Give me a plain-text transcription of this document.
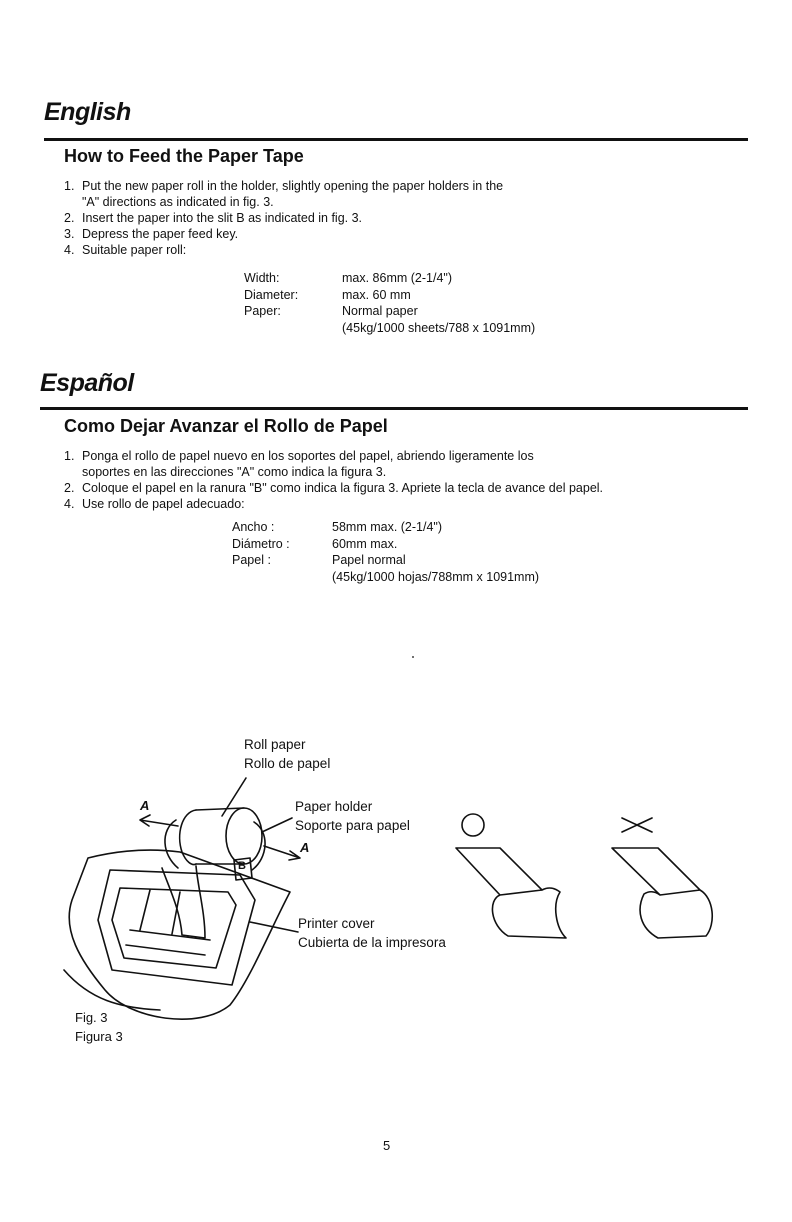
English
How to Feed the Paper Tape
1. Put the new paper roll in the holder, slightly opening the paper holders in the
"A" directions as indicated in fig. 3.
2. Insert the paper into the slit B as indicated in fig. 3.
3. Depress the paper feed key.
4. Suitable paper roll:
Width:	max. 86mm (2-1/4")
Diameter:	max. 60 mm
Paper:	Normal paper
(45kg/1000 sheets/788 x 1091mm)
Español
Como Dejar Avanzar el Rollo de Papel
1. Ponga el rollo de papel nuevo en los soportes del papel, abriendo ligeramente los
soportes en las direcciones "A" como indica la figura 3.
2. Coloque el papel en la ranura "B" como indica la figura 3. Apriete la tecla de avance del papel.
4. Use rollo de papel adecuado:
Ancho :	58mm max. (2-1/4")
Diámetro :	60mm max.
Papel :	Papel normal
(45kg/1000 hojas/788mm x 1091mm)
Roll paper
Rollo de papel
Paper holder
Soporte para papel
Printer cover
Cubierta de la impresora
A
A
B
Fig. 3
Figura 3
5
